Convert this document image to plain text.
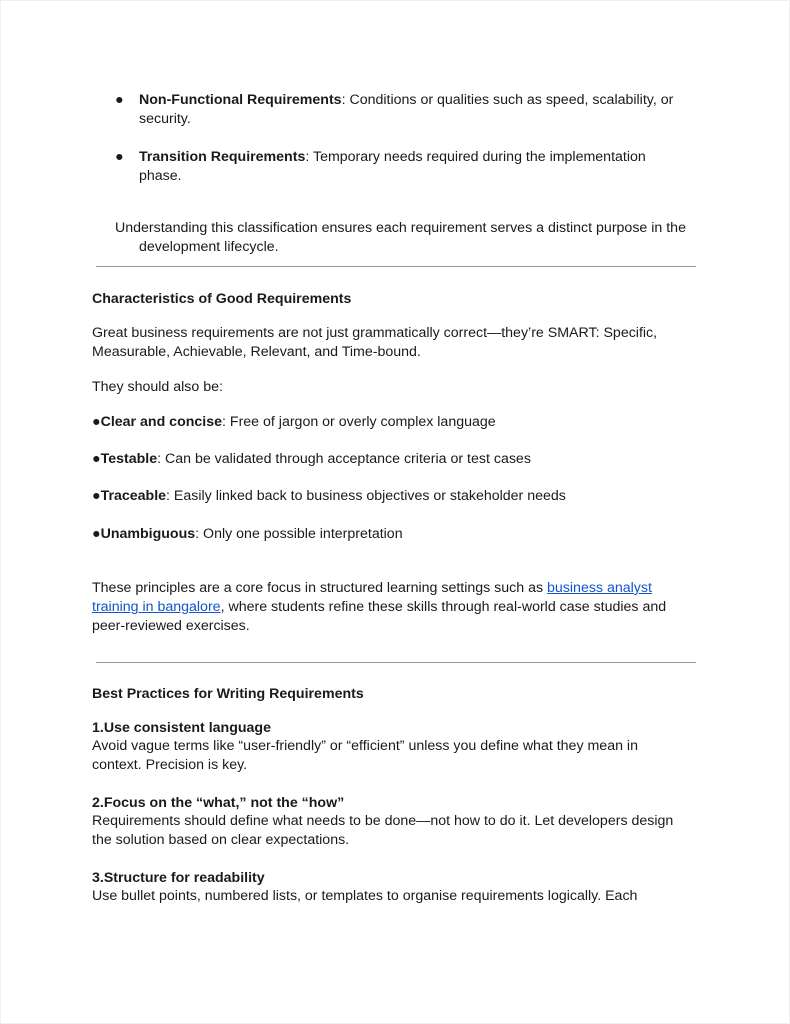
● Non-Functional Requirements: Conditions or qualities such as speed, scalability, or
security.
● Transition Requirements: Temporary needs required during the implementation
phase.
Understanding this classification ensures each requirement serves a distinct purpose in the
development lifecycle.
Characteristics of Good Requirements
Great business requirements are not just grammatically correct—they’re SMART: Specific,
Measurable, Achievable, Relevant, and Time-bound.
They should also be:
●Clear and concise: Free of jargon or overly complex language
●Testable: Can be validated through acceptance criteria or test cases
●Traceable: Easily linked back to business objectives or stakeholder needs
●Unambiguous: Only one possible interpretation
These principles are a core focus in structured learning settings such as business analyst
training in bangalore, where students refine these skills through real-world case studies and
peer-reviewed exercises.
Best Practices for Writing Requirements
1.Use consistent language
Avoid vague terms like “user-friendly” or “efficient” unless you define what they mean in
context. Precision is key.
2.Focus on the “what,” not the “how”
Requirements should define what needs to be done—not how to do it. Let developers design
the solution based on clear expectations.
3.Structure for readability
Use bullet points, numbered lists, or templates to organise requirements logically. Each
